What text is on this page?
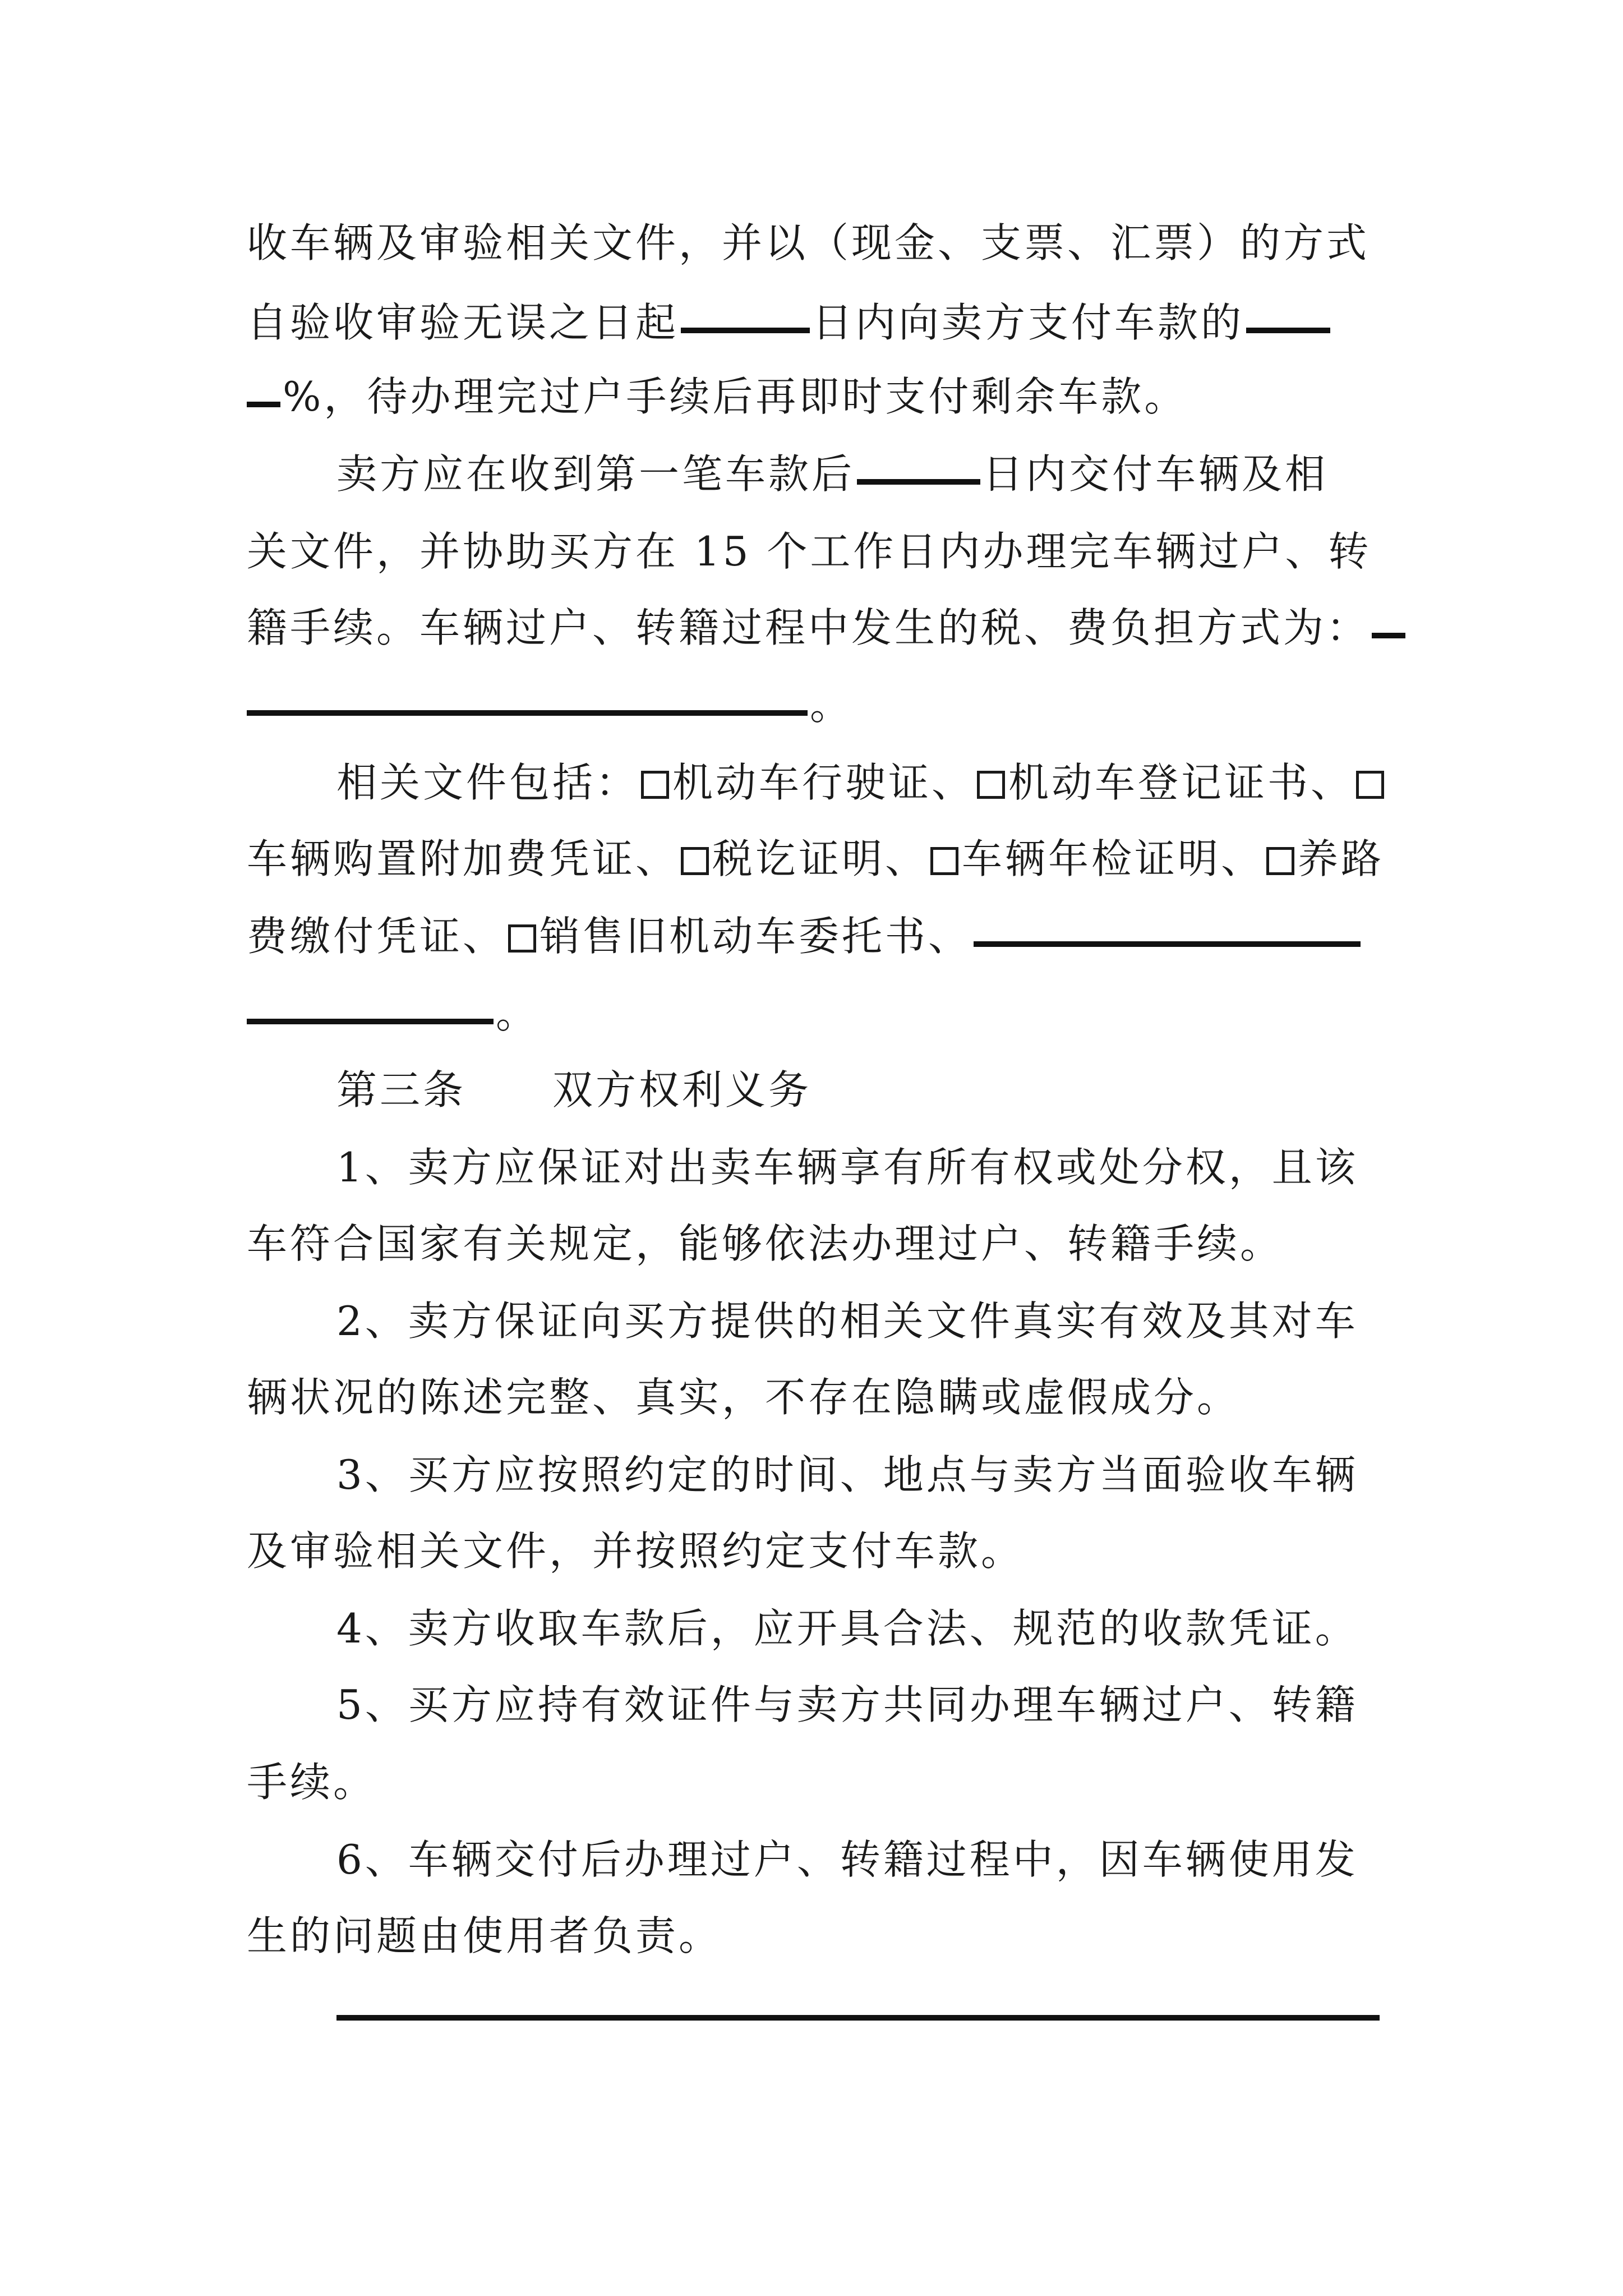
收车辆及审验相关文件，并以（现金、支票、汇票）的方式
自验收审验无误之日起	日内向卖方支付车款的
%，待办理完过户手续后再即时支付剩余车款。
卖方应在收到第一笔车款后	日内交付车辆及相
关文件，并协助买方在 15 个工作日内办理完车辆过户、转
籍手续。车辆过户、转籍过程中发生的税、费负担方式为：
。
相关文件包括： 机动车行驶证、 机动车登记证书、
车辆购置附加费凭证、 税讫证明、 车辆年检证明、 养路
费缴付凭证、 销售旧机动车委托书、
。
第三条　　双方权利义务
1、卖方应保证对出卖车辆享有所有权或处分权，且该
车符合国家有关规定，能够依法办理过户、转籍手续。
2、卖方保证向买方提供的相关文件真实有效及其对车
辆状况的陈述完整、真实，不存在隐瞒或虚假成分。
3、买方应按照约定的时间、地点与卖方当面验收车辆
及审验相关文件，并按照约定支付车款。
4、卖方收取车款后，应开具合法、规范的收款凭证。
5、买方应持有效证件与卖方共同办理车辆过户、转籍
手续。
6、车辆交付后办理过户、转籍过程中，因车辆使用发
生的问题由使用者负责。
